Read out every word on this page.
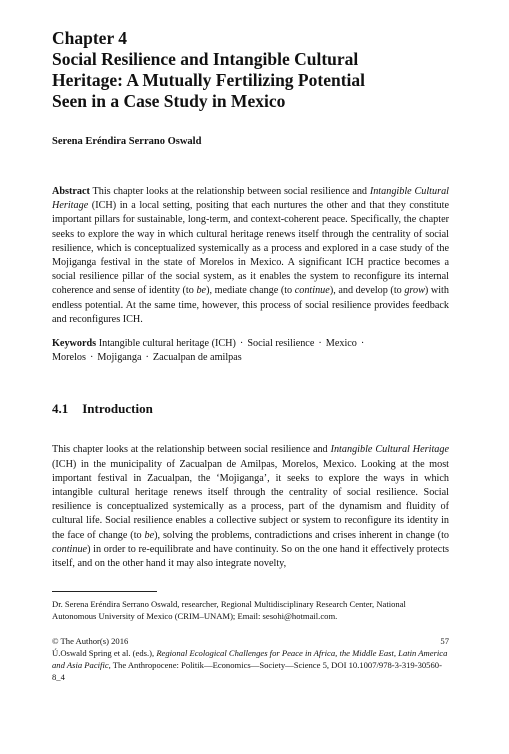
Chapter 4
Social Resilience and Intangible Cultural
Heritage: A Mutually Fertilizing Potential
Seen in a Case Study in Mexico
Serena Eréndira Serrano Oswald

Abstract This chapter looks at the relationship between social resilience and Intangible Cultural Heritage (ICH) in a local setting, positing that each nurtures the other and that they constitute important pillars for sustainable, long-term, and context-coherent peace. Specifically, the chapter seeks to explore the way in which cultural heritage renews itself through the centrality of social resilience, which is conceptualized systemically as a process and explored in a case study of the Mojiganga festival in the state of Morelos in Mexico. A significant ICH practice becomes a social resilience pillar of the social system, as it enables the system to reconfigure its internal coherence and sense of identity (to be), mediate change (to continue), and develop (to grow) with endless potential. At the same time, however, this process of social resilience provides feedback and reconfigures ICH.

Keywords Intangible cultural heritage (ICH) · Social resilience · Mexico ·
Morelos · Mojiganga · Zacualpan de amilpas
4.1 Introduction

This chapter looks at the relationship between social resilience and Intangible Cultural Heritage (ICH) in the municipality of Zacualpan de Amilpas, Morelos, Mexico. Looking at the most important festival in Zacualpan, the ‘Mojiganga’, it seeks to explore the ways in which intangible cultural heritage renews itself through the centrality of social resilience. Social resilience is conceptualized systemically as a process, part of the dynamism and fluidity of cultural life. Social resilience enables a collective subject or system to reconfigure its identity in the face of change (to be), solving the problems, contradictions and crises inherent in change (to continue) in order to re-equilibrate and have continuity. So on the one hand it effectively protects itself, and on the other hand it may also integrate novelty,

Dr. Serena Eréndira Serrano Oswald, researcher, Regional Multidisciplinary Research Center, National Autonomous University of Mexico (CRIM–UNAM); Email: sesohi@hotmail.com.
57
© The Author(s) 2016
Ú.Oswald Spring et al. (eds.), Regional Ecological Challenges for Peace in Africa, the Middle East, Latin America and Asia Pacific, The Anthropocene: Politik—Economics—Society—Science 5, DOI 10.1007/978-3-319-30560-8_4
